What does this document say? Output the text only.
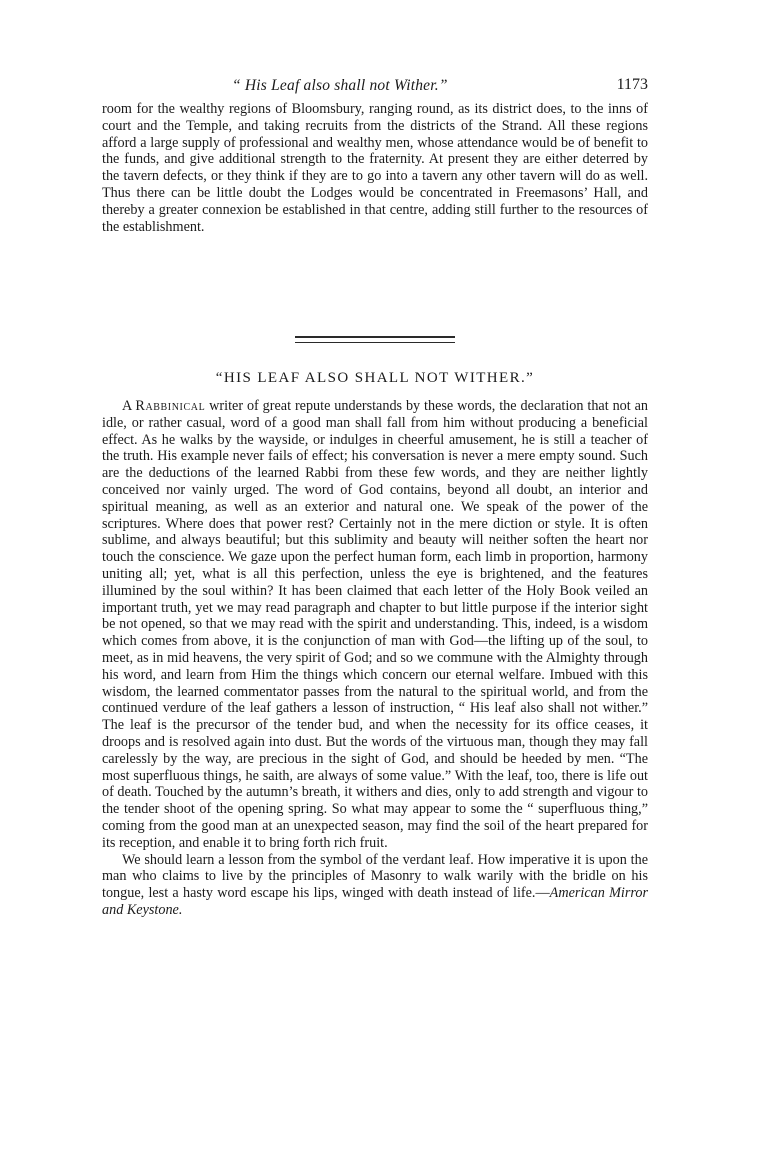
“ His Leaf also shall not Wither.”	1173

room for the wealthy regions of Bloomsbury, ranging round, as its district does, to the inns of court and the Temple, and taking recruits from the districts of the Strand. All these regions afford a large supply of professional and wealthy men, whose attendance would be of benefit to the funds, and give additional strength to the fraternity. At present they are either deterred by the tavern defects, or they think if they are to go into a tavern any other tavern will do as well. Thus there can be little doubt the Lodges would be concentrated in Freemasons’ Hall, and thereby a greater connexion be established in that centre, adding still further to the resources of the establishment.

“HIS LEAF ALSO SHALL NOT WITHER.”

A Rabbinical writer of great repute understands by these words, the declaration that not an idle, or rather casual, word of a good man shall fall from him without producing a beneficial effect. As he walks by the wayside, or indulges in cheerful amusement, he is still a teacher of the truth. His example never fails of effect; his conversation is never a mere empty sound. Such are the deductions of the learned Rabbi from these few words, and they are neither lightly conceived nor vainly urged. The word of God contains, beyond all doubt, an interior and spiritual meaning, as well as an exterior and natural one. We speak of the power of the scriptures. Where does that power rest? Certainly not in the mere diction or style. It is often sublime, and always beautiful; but this sublimity and beauty will neither soften the heart nor touch the conscience. We gaze upon the perfect human form, each limb in proportion, harmony uniting all; yet, what is all this perfection, unless the eye is brightened, and the features illumined by the soul within? It has been claimed that each letter of the Holy Book veiled an important truth, yet we may read paragraph and chapter to but little purpose if the interior sight be not opened, so that we may read with the spirit and understanding. This, indeed, is a wisdom which comes from above, it is the conjunction of man with God—the lifting up of the soul, to meet, as in mid heavens, the very spirit of God; and so we commune with the Almighty through his word, and learn from Him the things which concern our eternal welfare. Imbued with this wisdom, the learned commentator passes from the natural to the spiritual world, and from the continued verdure of the leaf gathers a lesson of instruction, “ His leaf also shall not wither.” The leaf is the precursor of the tender bud, and when the necessity for its office ceases, it droops and is resolved again into dust. But the words of the virtuous man, though they may fall carelessly by the way, are precious in the sight of God, and should be heeded by men. “The most superfluous things, he saith, are always of some value.” With the leaf, too, there is life out of death. Touched by the autumn’s breath, it withers and dies, only to add strength and vigour to the tender shoot of the opening spring. So what may appear to some the “ superfluous thing,” coming from the good man at an unexpected season, may find the soil of the heart prepared for its reception, and enable it to bring forth rich fruit.

We should learn a lesson from the symbol of the verdant leaf. How imperative it is upon the man who claims to live by the principles of Masonry to walk warily with the bridle on his tongue, lest a hasty word escape his lips, winged with death instead of life.—American Mirror and Keystone.
